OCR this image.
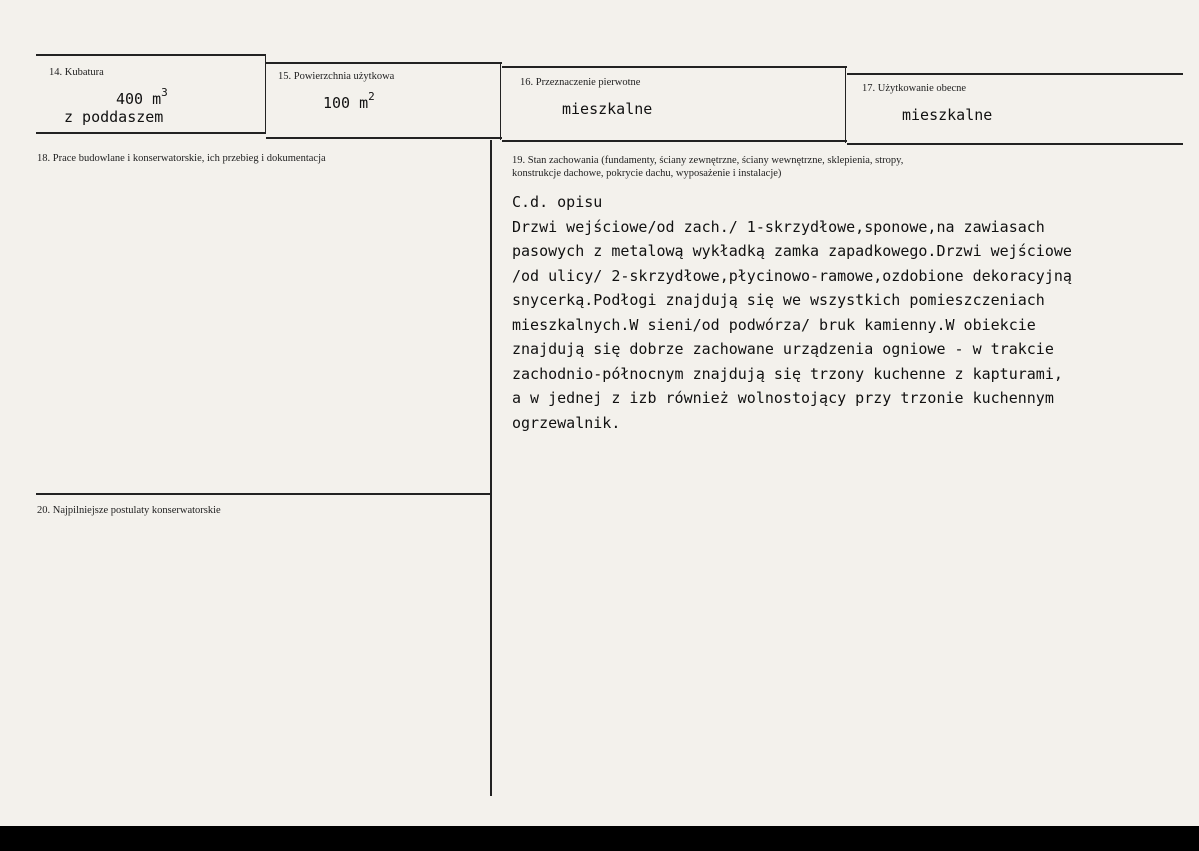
14. Kubatura
400 $m^3$
z poddaszem
15. Powierzchnia użytkowa
100 $m^2$
16. Przeznaczenie pierwotne
mieszkalne
17. Użytkowanie obecne
mieszkalne
18. Prace budowlane i konserwatorskie, ich przebieg i dokumentacja	19. Stan zachowania (fundamenty, ściany zewnętrzne, ściany wewnętrzne, sklepienia, stropy,
konstrukcje dachowe, pokrycie dachu, wyposażenie i instalacje)
C.d. opisu
Drzwi wejściowe/od zach./ 1-skrzydłowe,sponowe,na zawiasach
pasowych z metalową wykładką zamka zapadkowego.Drzwi wejściowe
/od ulicy/ 2-skrzydłowe,płycinowo-ramowe,ozdobione dekoracyjną
snycerką.Podłogi znajdują się we wszystkich pomieszczeniach
mieszkalnych.W sieni/od podwórza/ bruk kamienny.W obiekcie
znajdują się dobrze zachowane urządzenia ogniowe - w trakcie
zachodnio-północnym znajdują się trzony kuchenne z kapturami,
a w jednej z izb również wolnostojący przy trzonie kuchennym
ogrzewalnik.
20. Najpilniejsze postulaty konserwatorskie
